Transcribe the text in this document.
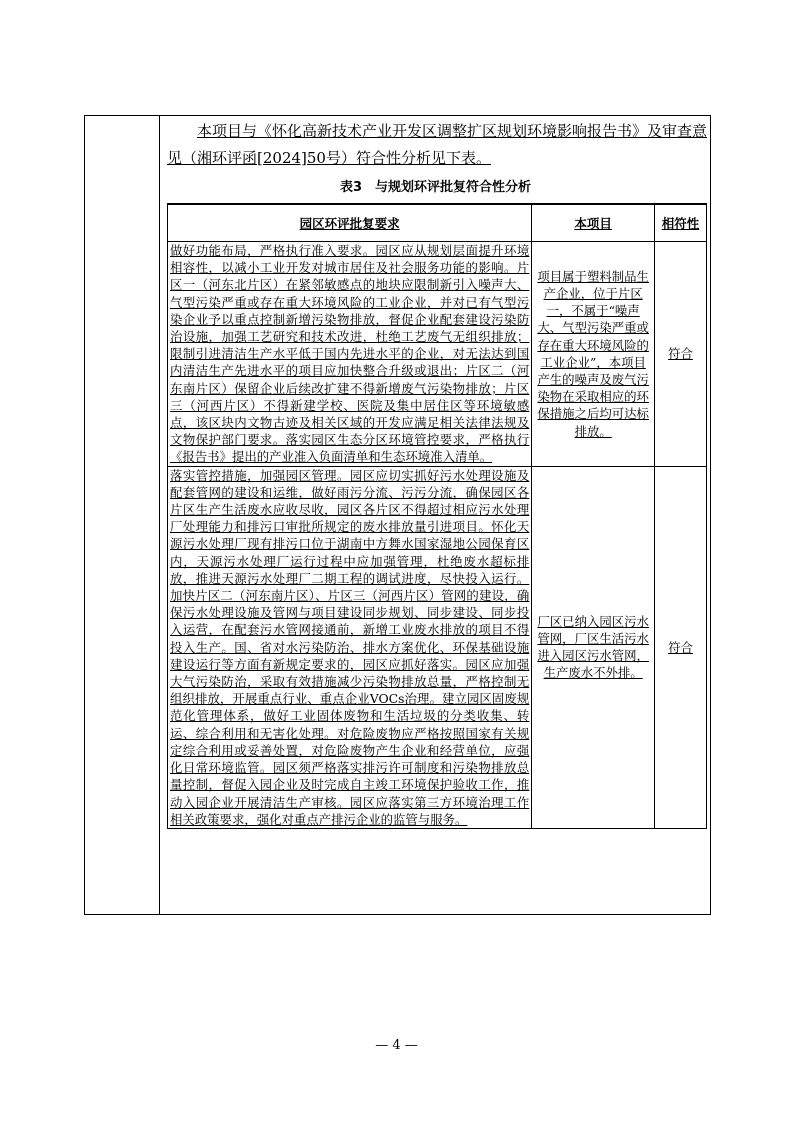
本项目与《怀化高新技术产业开发区调整扩区规划环境影响报告书》及审查意见（湘环评函[2024]50号）符合性分析见下表。
表3　与规划环评批复符合性分析
园区环评批复要求	本项目	相符性
做好功能布局，严格执行准入要求。园区应从规划层面提升环境相容性，以减小工业开发对城市居住及社会服务功能的影响。片区一（河东北片区）在紧邻敏感点的地块应限制新引入噪声大、气型污染严重或存在重大环境风险的工业企业，并对已有气型污染企业予以重点控制新增污染物排放，督促企业配套建设污染防治设施，加强工艺研究和技术改进，杜绝工艺废气无组织排放；限制引进清洁生产水平低于国内先进水平的企业，对无法达到国内清洁生产先进水平的项目应加快整合升级或退出；片区二（河东南片区）保留企业后续改扩建不得新增废气污染物排放；片区三（河西片区）不得新建学校、医院及集中居住区等环境敏感点，该区块内文物古迹及相关区域的开发应满足相关法律法规及文物保护部门要求。落实园区生态分区环境管控要求，严格执行《报告书》提出的产业准入负面清单和生态环境准入清单。	项目属于塑料制品生产企业，位于片区一，不属于“噪声大、气型污染严重或存在重大环境风险的工业企业”，本项目产生的噪声及废气污染物在采取相应的环保措施之后均可达标排放。	符合
落实管控措施，加强园区管理。园区应切实抓好污水处理设施及配套管网的建设和运维，做好雨污分流、污污分流，确保园区各片区生产生活废水应收尽收，园区各片区不得超过相应污水处理厂处理能力和排污口审批所规定的废水排放量引进项目。怀化天源污水处理厂现有排污口位于湖南中方舞水国家湿地公园保育区内，天源污水处理厂运行过程中应加强管理，杜绝废水超标排放，推进天源污水处理厂二期工程的调试进度，尽快投入运行。加快片区二（河东南片区）、片区三（河西片区）管网的建设，确保污水处理设施及管网与项目建设同步规划、同步建设、同步投入运营，在配套污水管网接通前，新增工业废水排放的项目不得投入生产。国、省对水污染防治、排水方案优化、环保基础设施建设运行等方面有新规定要求的，园区应抓好落实。园区应加强大气污染防治，采取有效措施减少污染物排放总量，严格控制无组织排放，开展重点行业、重点企业VOCs治理。建立园区固废规范化管理体系，做好工业固体废物和生活垃圾的分类收集、转运、综合利用和无害化处理。对危险废物应严格按照国家有关规定综合利用或妥善处置，对危险废物产生企业和经营单位，应强化日常环境监管。园区须严格落实排污许可制度和污染物排放总量控制，督促入园企业及时完成自主竣工环境保护验收工作，推动入园企业开展清洁生产审核。园区应落实第三方环境治理工作相关政策要求，强化对重点产排污企业的监管与服务。	厂区已纳入园区污水管网，厂区生活污水进入园区污水管网，生产废水不外排。	符合
— 4 —
